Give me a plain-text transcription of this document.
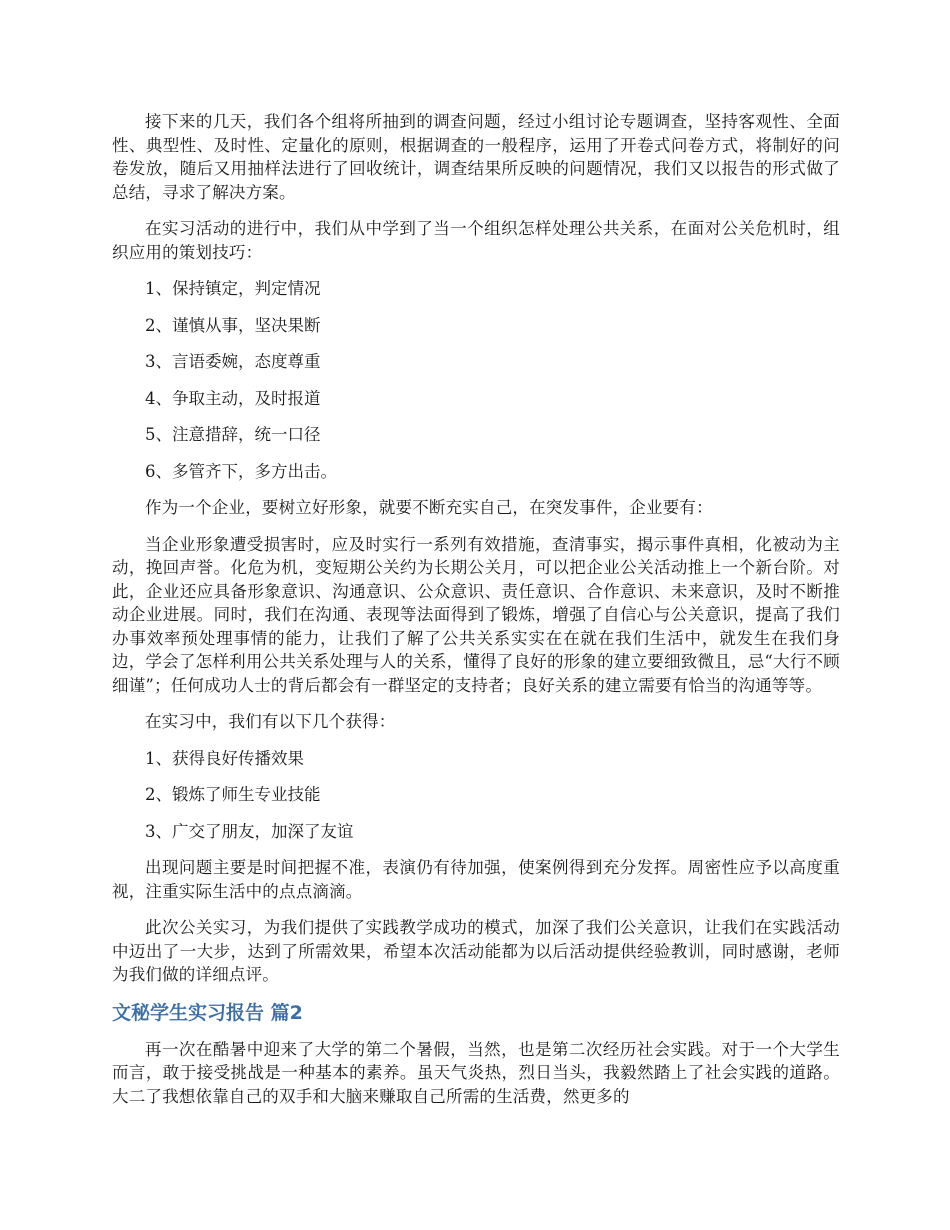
接下来的几天，我们各个组将所抽到的调查问题，经过小组讨论专题调查，坚持客观性、全面性、典型性、及时性、定量化的原则，根据调查的一般程序，运用了开卷式问卷方式，将制好的问卷发放，随后又用抽样法进行了回收统计，调查结果所反映的问题情况，我们又以报告的形式做了总结，寻求了解决方案。

在实习活动的进行中，我们从中学到了当一个组织怎样处理公共关系，在面对公关危机时，组织应用的策划技巧：

1、保持镇定，判定情况

2、谨慎从事，坚决果断

3、言语委婉，态度尊重

4、争取主动，及时报道

5、注意措辞，统一口径

6、多管齐下，多方出击。

作为一个企业，要树立好形象，就要不断充实自己，在突发事件，企业要有：

当企业形象遭受损害时，应及时实行一系列有效措施，查清事实，揭示事件真相，化被动为主动，挽回声誉。化危为机，变短期公关约为长期公关月，可以把企业公关活动推上一个新台阶。对此，企业还应具备形象意识、沟通意识、公众意识、责任意识、合作意识、未来意识，及时不断推动企业进展。同时，我们在沟通、表现等法面得到了锻炼，增强了自信心与公关意识，提高了我们办事效率预处理事情的能力，让我们了解了公共关系实实在在就在我们生活中，就发生在我们身边，学会了怎样利用公共关系处理与人的关系，懂得了良好的形象的建立要细致微且，忌“大行不顾细谨”；任何成功人士的背后都会有一群坚定的支持者；良好关系的建立需要有恰当的沟通等等。

在实习中，我们有以下几个获得：

1、获得良好传播效果

2、锻炼了师生专业技能

3、广交了朋友，加深了友谊

出现问题主要是时间把握不准，表演仍有待加强，使案例得到充分发挥。周密性应予以高度重视，注重实际生活中的点点滴滴。

此次公关实习，为我们提供了实践教学成功的模式，加深了我们公关意识，让我们在实践活动中迈出了一大步，达到了所需效果，希望本次活动能都为以后活动提供经验教训，同时感谢，老师为我们做的详细点评。

文秘学生实习报告 篇2

再一次在酷暑中迎来了大学的第二个暑假，当然，也是第二次经历社会实践。对于一个大学生而言，敢于接受挑战是一种基本的素养。虽天气炎热，烈日当头，我毅然踏上了社会实践的道路。大二了我想依靠自己的双手和大脑来赚取自己所需的生活费，然更多的
